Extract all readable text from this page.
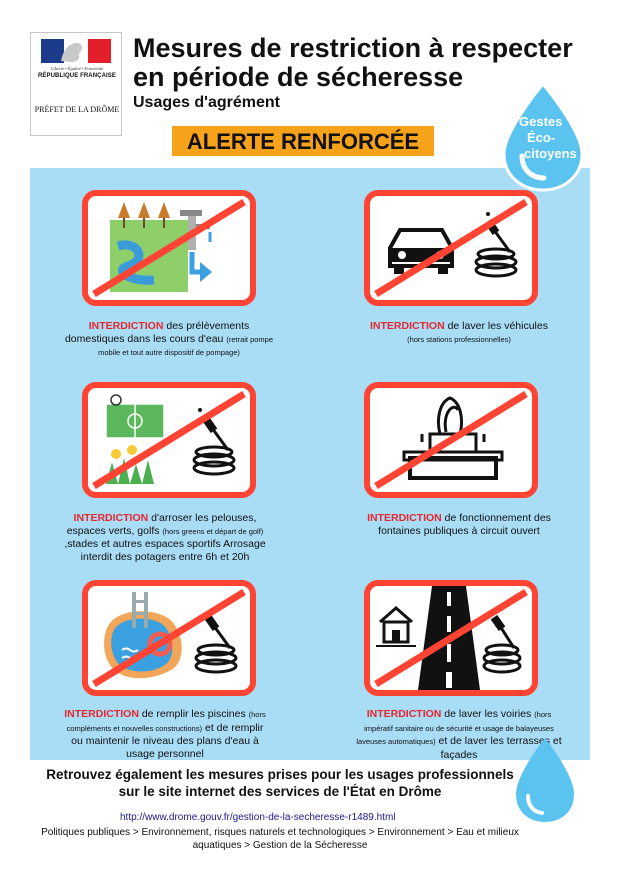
Liberté • Égalité • Fraternité
RÉPUBLIQUE FRANÇAISE
PRÉFET DE LA DRÔME
Mesures de restriction à respecter
en période de sécheresse
Usages d'agrément
ALERTE RENFORCÉE
Gestes
Éco-
citoyens
INTERDICTION des prélèvements domestiques dans les cours d'eau (retrait pompe mobile et tout autre dispositif de pompage)
INTERDICTION de laver les véhicules
(hors stations professionnelles)
INTERDICTION d'arroser les pelouses, espaces verts, golfs (hors greens et départ de golf) ,stades et autres espaces sportifs Arrosage interdit des potagers entre 6h et 20h
INTERDICTION de fonctionnement des fontaines publiques à circuit ouvert
INTERDICTION de remplir les piscines (hors compléments et nouvelles constructions) et de remplir ou maintenir le niveau des plans d'eau à usage personnel
INTERDICTION de laver les voiries (hors impératif sanitaire ou de sécurité et usage de balayeuses laveuses automatiques) et de laver les terrasses et façades
Retrouvez également les mesures prises pour les usages professionnels sur le site internet des services de l'État en Drôme
http://www.drome.gouv.fr/gestion-de-la-secheresse-r1489.html
Politiques publiques > Environnement, risques naturels et technologiques > Environnement > Eau et milieux aquatiques > Gestion de la Sécheresse
